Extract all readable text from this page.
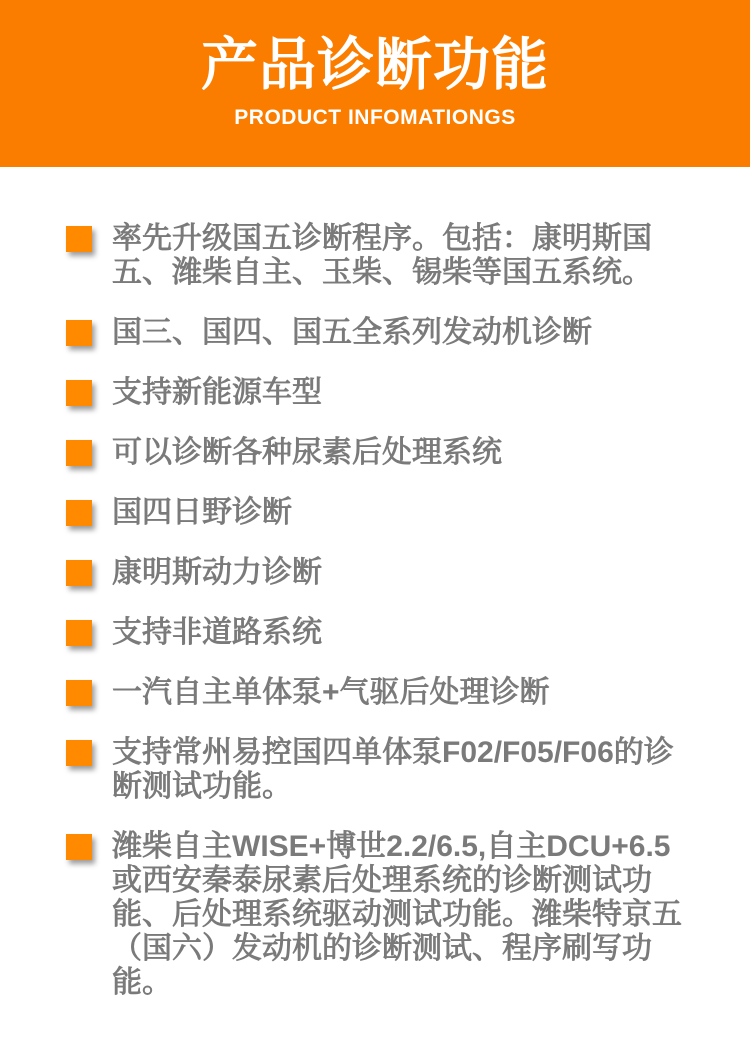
产品诊断功能
PRODUCT INFOMATIONGS
率先升级国五诊断程序。包括：康明斯国五、潍柴自主、玉柴、锡柴等国五系统。
国三、国四、国五全系列发动机诊断
支持新能源车型
可以诊断各种尿素后处理系统
国四日野诊断
康明斯动力诊断
支持非道路系统
一汽自主单体泵+气驱后处理诊断
支持常州易控国四单体泵F02/F05/F06的诊断测试功能。
潍柴自主WISE+博世2.2/6.5,自主DCU+6.5或西安秦泰尿素后处理系统的诊断测试功能、后处理系统驱动测试功能。潍柴特京五（国六）发动机的诊断测试、程序刷写功能。
